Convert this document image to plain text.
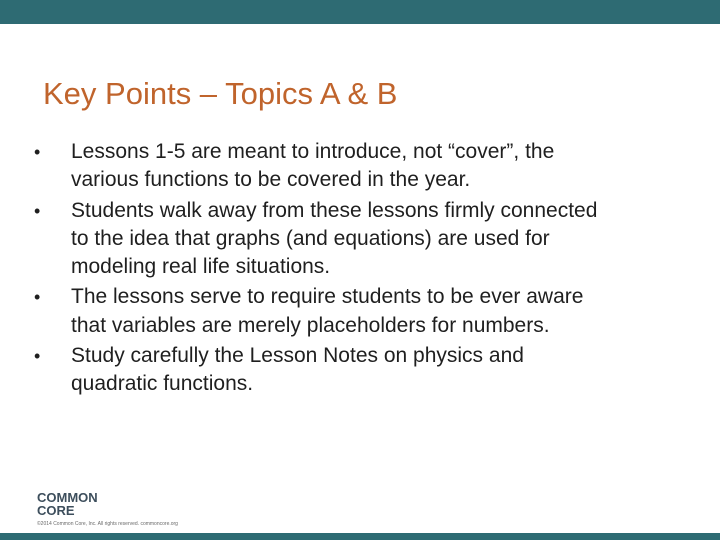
Key Points – Topics A & B
•	Lessons 1-5 are meant to introduce, not “cover”, the
various functions to be covered in the year.
•	Students walk away from these lessons firmly connected
to the idea that graphs (and equations) are used for
modeling real life situations.
•	The lessons serve to require students to be ever aware
that variables are merely placeholders for numbers.
•	Study carefully the Lesson Notes on physics and
quadratic functions.
COMMON
CORE
©2014 Common Core, Inc. All rights reserved. commoncore.org
